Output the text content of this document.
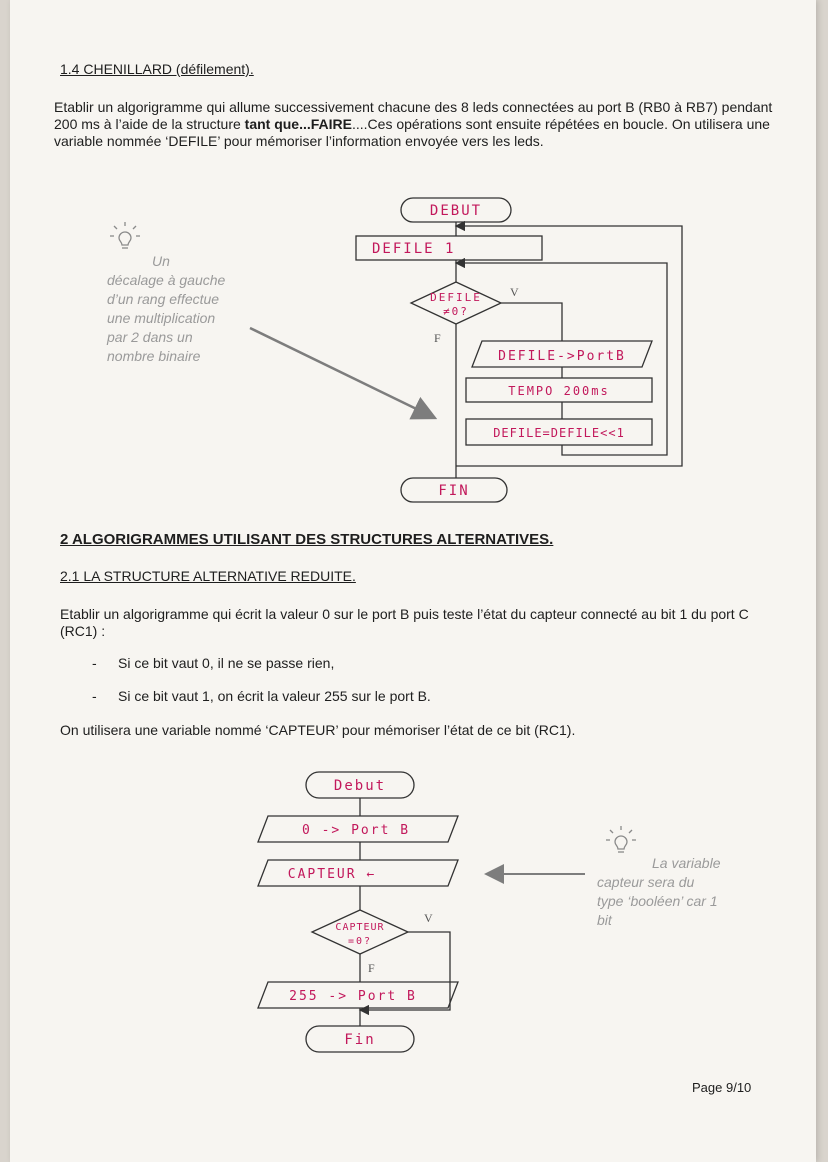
1.4 CHENILLARD (défilement).
Etablir un algorigramme qui allume successivement chacune des 8 leds connectées au port B (RB0 à RB7) pendant 200 ms à l’aide de la structure tant que...FAIRE....Ces opérations sont ensuite répétées en boucle. On utilisera une variable nommée ‘DEFILE’ pour mémoriser l’information envoyée vers les leds.
Un
décalage à gauche
d’un rang effectue
une multiplication
par 2 dans un
nombre binaire
2 ALGORIGRAMMES UTILISANT DES STRUCTURES ALTERNATIVES.
2.1 LA STRUCTURE ALTERNATIVE REDUITE.
Etablir un algorigramme qui écrit la valeur 0 sur le port B puis teste l’état du capteur connecté au bit 1 du port C (RC1) :
- Si ce bit vaut 0, il ne se passe rien,
- Si ce bit vaut 1, on écrit la valeur 255 sur le port B.
On utilisera une variable nommé ‘CAPTEUR’ pour mémoriser l’état de ce bit (RC1).
La variable
capteur sera du
type ‘booléen’ car 1
bit
Page 9/10
DEBUT
DEFILE 1
DEFILE
≠0?
V
F
DEFILE->PortB
TEMPO 200ms
DEFILE=DEFILE<<1
FIN
Debut
0 -> Port B
CAPTEUR ←
CAPTEUR
=0?
V
F
255 -> Port B
Fin
